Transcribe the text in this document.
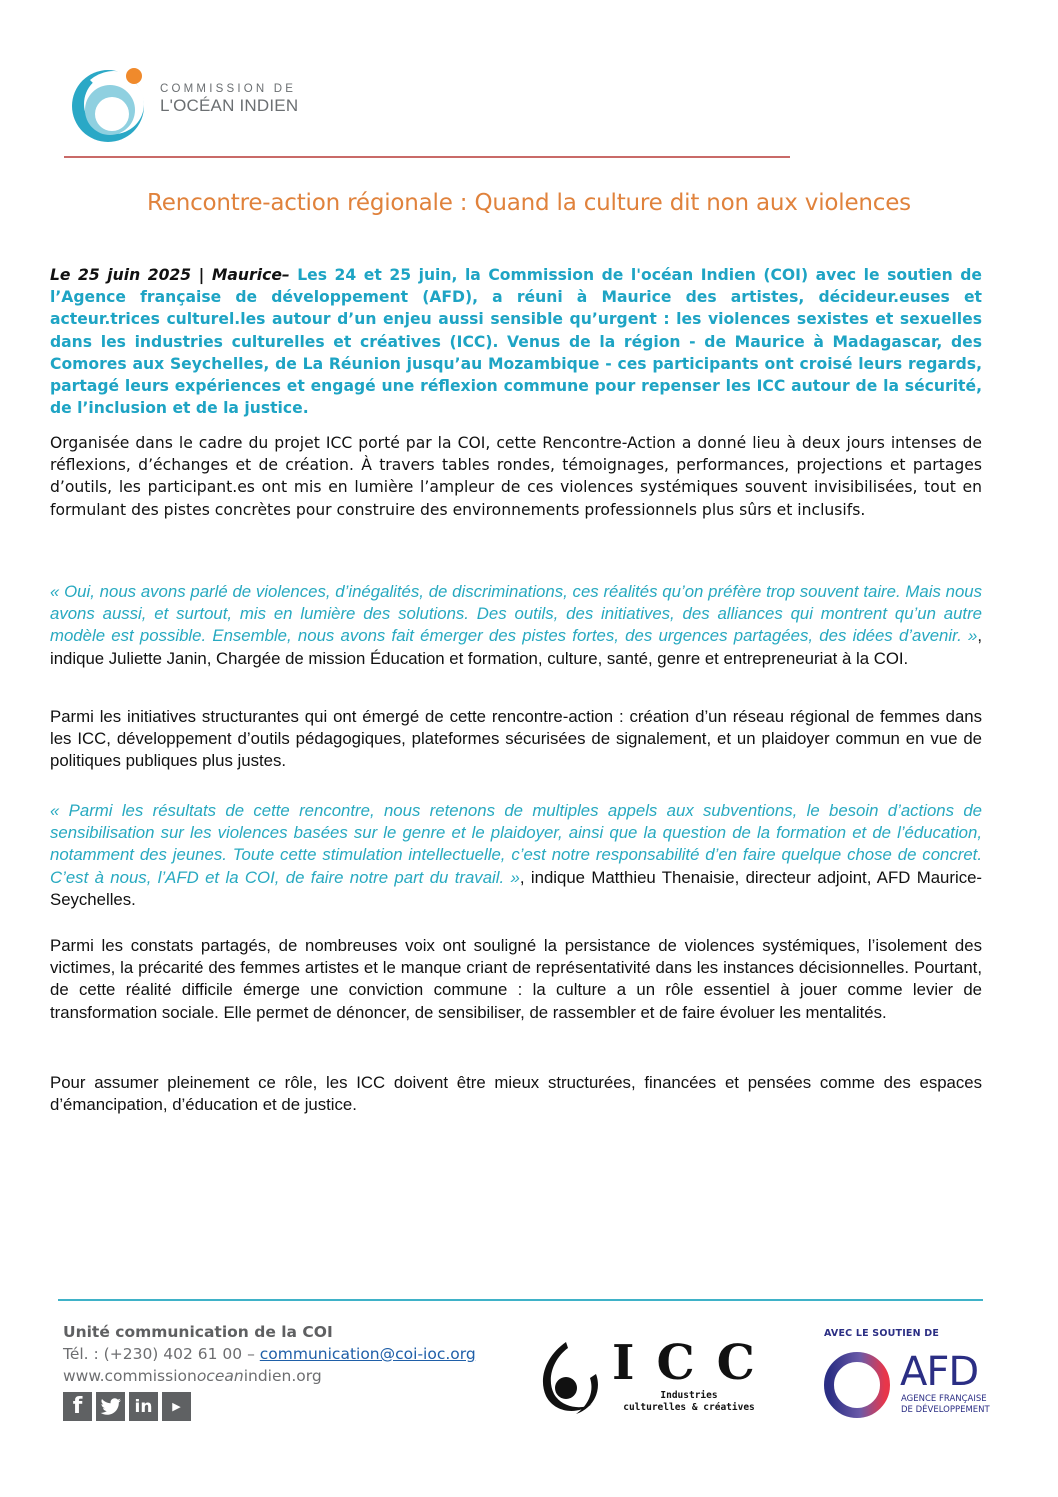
COMMISSION DE
L'OCÉAN INDIEN
Rencontre-action régionale : Quand la culture dit non aux violences

Le 25 juin 2025 | Maurice– Les 24 et 25 juin, la Commission de l'océan Indien (COI) avec le soutien de l’Agence française de développement (AFD), a réuni à Maurice des artistes, décideur.euses et acteur.trices culturel.les autour d’un enjeu aussi sensible qu’urgent : les violences sexistes et sexuelles dans les industries culturelles et créatives (ICC). Venus de la région - de Maurice à Madagascar, des Comores aux Seychelles, de La Réunion jusqu’au Mozambique - ces participants ont croisé leurs regards, partagé leurs expériences et engagé une réflexion commune pour repenser les ICC autour de la sécurité, de l’inclusion et de la justice.

Organisée dans le cadre du projet ICC porté par la COI, cette Rencontre-Action a donné lieu à deux jours intenses de réflexions, d’échanges et de création. À travers tables rondes, témoignages, performances, projections et partages d’outils, les participant.es ont mis en lumière l’ampleur de ces violences systémiques souvent invisibilisées, tout en formulant des pistes concrètes pour construire des environnements professionnels plus sûrs et inclusifs.

« Oui, nous avons parlé de violences, d’inégalités, de discriminations, ces réalités qu’on préfère trop souvent taire. Mais nous avons aussi, et surtout, mis en lumière des solutions. Des outils, des initiatives, des alliances qui montrent qu’un autre modèle est possible. Ensemble, nous avons fait émerger des pistes fortes, des urgences partagées, des idées d’avenir. », indique Juliette Janin, Chargée de mission Éducation et formation, culture, santé, genre et entrepreneuriat à la COI.

Parmi les initiatives structurantes qui ont émergé de cette rencontre-action : création d’un réseau régional de femmes dans les ICC, développement d’outils pédagogiques, plateformes sécurisées de signalement, et un plaidoyer commun en vue de politiques publiques plus justes.

« Parmi les résultats de cette rencontre, nous retenons de multiples appels aux subventions, le besoin d’actions de sensibilisation sur les violences basées sur le genre et le plaidoyer, ainsi que la question de la formation et de l’éducation, notamment des jeunes. Toute cette stimulation intellectuelle, c’est notre responsabilité d’en faire quelque chose de concret. C’est à nous, l’AFD et la COI, de faire notre part du travail. », indique Matthieu Thenaisie, directeur adjoint, AFD Maurice-Seychelles.

Parmi les constats partagés, de nombreuses voix ont souligné la persistance de violences systémiques, l’isolement des victimes, la précarité des femmes artistes et le manque criant de représentativité dans les instances décisionnelles. Pourtant, de cette réalité difficile émerge une conviction commune : la culture a un rôle essentiel à jouer comme levier de transformation sociale. Elle permet de dénoncer, de sensibiliser, de rassembler et de faire évoluer les mentalités.

Pour assumer pleinement ce rôle, les ICC doivent être mieux structurées, financées et pensées comme des espaces d’émancipation, d’éducation et de justice.

Unité communication de la COI
Tél. : (+230) 402 61 00 – communication@coi-ioc.org
www.commissionoceanindien.org
f	in ▶
ICC
Industries
culturelles & créatives
AVEC LE SOUTIEN DE
AFD
AGENCE FRANÇAISE
DE DÉVELOPPEMENT
